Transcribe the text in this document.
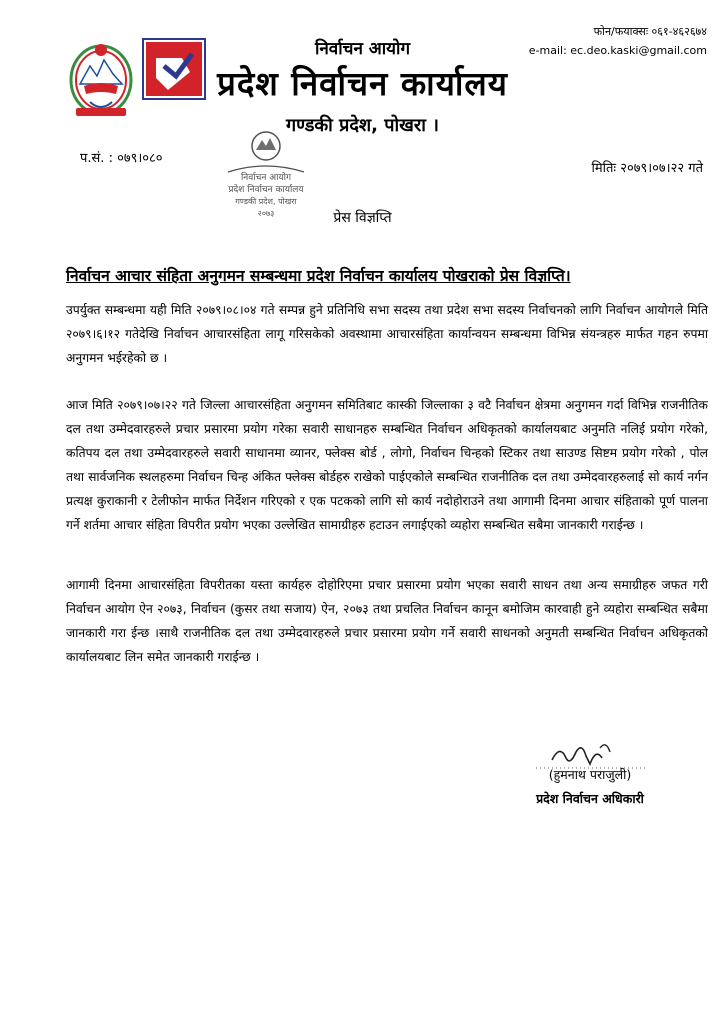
फोन/फयाक्सः ०६१-४६२६७४
e-mail: ec.deo.kaski@gmail.com
निर्वाचन आयोग
प्रदेश निर्वाचन कार्यालय
गण्डकी प्रदेश, पोखरा ।
प.सं. : ०७९।०८०
मितिः २०७९।०७।२२ गते
निर्वाचन आयोग
प्रदेश निर्वाचन कार्यालय
गण्डकी प्रदेश, पोखरा
२०७३	प्रेस विज्ञप्ति
निर्वाचन आचार संहिता अनुगमन सम्बन्धमा प्रदेश निर्वाचन कार्यालय पोखराको प्रेस विज्ञप्ति।
उपर्युक्त सम्बन्धमा यही मिति २०७९।०८।०४ गते सम्पन्न हुने प्रतिनिधि सभा सदस्य तथा प्रदेश सभा सदस्य निर्वाचनको लागि निर्वाचन आयोगले मिति २०७९।६।१२ गतेदेखि निर्वाचन आचारसंहिता लागू गरिसकेको अवस्थामा आचारसंहिता कार्यान्वयन सम्बन्धमा विभिन्न संयन्त्रहरु मार्फत गहन रुपमा अनुगमन भईरहेको छ ।
आज मिति २०७९।०७।२२ गते जिल्ला आचारसंहिता अनुगमन समितिबाट कास्की जिल्लाका ३ वटै निर्वाचन क्षेत्रमा अनुगमन गर्दा विभिन्न राजनीतिक दल तथा उम्मेदवारहरुले प्रचार प्रसारमा प्रयोग गरेका सवारी साधानहरु सम्बन्धित निर्वाचन अधिकृतको कार्यालयबाट अनुमति नलिई प्रयोग गरेको, कतिपय दल तथा उम्मेदवारहरुले सवारी साधानमा व्यानर, फ्लेक्स बोर्ड , लोगो, निर्वाचन चिन्हको स्टिकर तथा साउण्ड सिष्टम प्रयोग गरेको , पोल तथा सार्वजनिक स्थलहरुमा निर्वाचन चिन्ह अंकित फ्लेक्स बोर्डहरु राखेको पाईएकोले सम्बन्धित राजनीतिक दल तथा उम्मेदवारहरुलाई सो कार्य नर्गन प्रत्यक्ष कुराकानी र टेलीफोन मार्फत निर्देशन गरिएको र एक पटकको लागि सो कार्य नदोहोराउने तथा आगामी दिनमा आचार संहिताको पूर्ण पालना गर्ने शर्तमा आचार संहिता विपरीत प्रयोग भएका उल्लेखित सामाग्रीहरु हटाउन लगाईएको व्यहोरा सम्बन्धित सबैमा जानकारी गराईन्छ ।
आगामी दिनमा आचारसंहिता विपरीतका यस्ता कार्यहरु दोहोरिएमा प्रचार प्रसारमा प्रयोग भएका सवारी साधन तथा अन्य समाग्रीहरु जफत गरी निर्वाचन आयोग ऐन २०७३, निर्वाचन (कुसर तथा सजाय) ऐन, २०७३ तथा प्रचलित निर्वाचन कानून बमोजिम कारवाही हुने व्यहोरा सम्बन्धित सबैमा जानकारी गरा ईन्छ ।साथै राजनीतिक दल तथा उम्मेदवारहरुले प्रचार प्रसारमा प्रयोग गर्ने सवारी साधनको अनुमती सम्बन्धित निर्वाचन अधिकृतको कार्यालयबाट लिन समेत जानकारी गराईन्छ ।
(हुमनाथ पराजुली)
प्रदेश निर्वाचन अधिकारी
